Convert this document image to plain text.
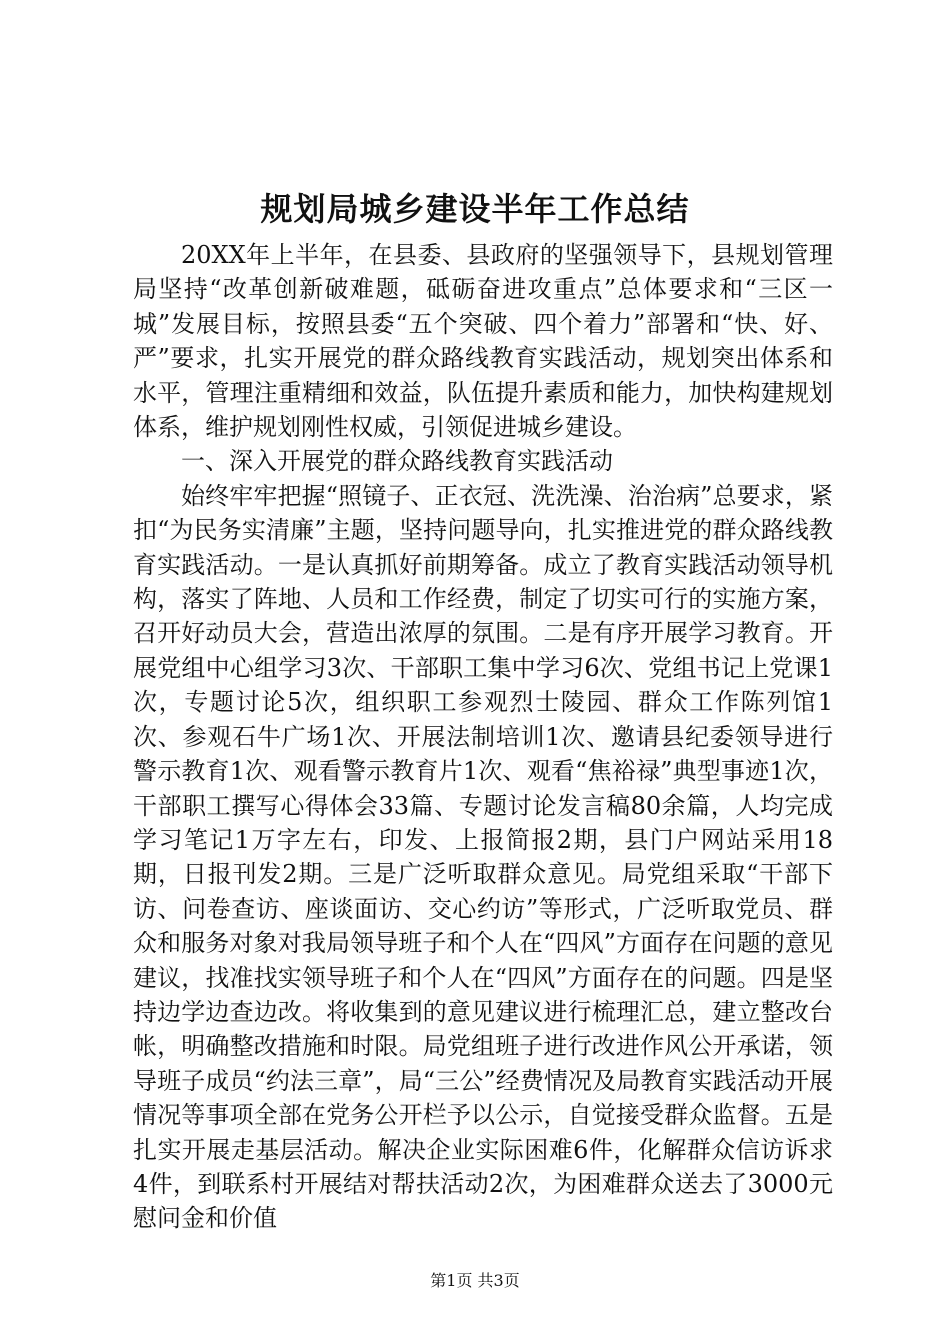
规划局城乡建设半年工作总结

20XX年上半年，在县委、县政府的坚强领导下，县规划管理局坚持“改革创新破难题，砥砺奋进攻重点”总体要求和“三区一城”发展目标，按照县委“五个突破、四个着力”部署和“快、好、严”要求，扎实开展党的群众路线教育实践活动，规划突出体系和水平，管理注重精细和效益，队伍提升素质和能力，加快构建规划体系，维护规划刚性权威，引领促进城乡建设。

一、深入开展党的群众路线教育实践活动

始终牢牢把握“照镜子、正衣冠、洗洗澡、治治病”总要求，紧扣“为民务实清廉”主题，坚持问题导向，扎实推进党的群众路线教育实践活动。一是认真抓好前期筹备。成立了教育实践活动领导机构，落实了阵地、人员和工作经费，制定了切实可行的实施方案，召开好动员大会，营造出浓厚的氛围。二是有序开展学习教育。开展党组中心组学习3次、干部职工集中学习6次、党组书记上党课1次，专题讨论5次，组织职工参观烈士陵园、群众工作陈列馆1次、参观石牛广场1次、开展法制培训1次、邀请县纪委领导进行警示教育1次、观看警示教育片1次、观看“焦裕禄”典型事迹1次，干部职工撰写心得体会33篇、专题讨论发言稿80余篇，人均完成学习笔记1万字左右，印发、上报简报2期，县门户网站采用18期，日报刊发2期。三是广泛听取群众意见。局党组采取“干部下访、问卷查访、座谈面访、交心约访”等形式，广泛听取党员、群众和服务对象对我局领导班子和个人在“四风”方面存在问题的意见建议，找准找实领导班子和个人在“四风”方面存在的问题。四是坚持边学边查边改。将收集到的意见建议进行梳理汇总，建立整改台帐，明确整改措施和时限。局党组班子进行改进作风公开承诺，领导班子成员“约法三章”，局“三公”经费情况及局教育实践活动开展情况等事项全部在党务公开栏予以公示，自觉接受群众监督。五是扎实开展走基层活动。解决企业实际困难6件，化解群众信访诉求4件，到联系村开展结对帮扶活动2次，为困难群众送去了3000元慰问金和价值

第1页 共3页
